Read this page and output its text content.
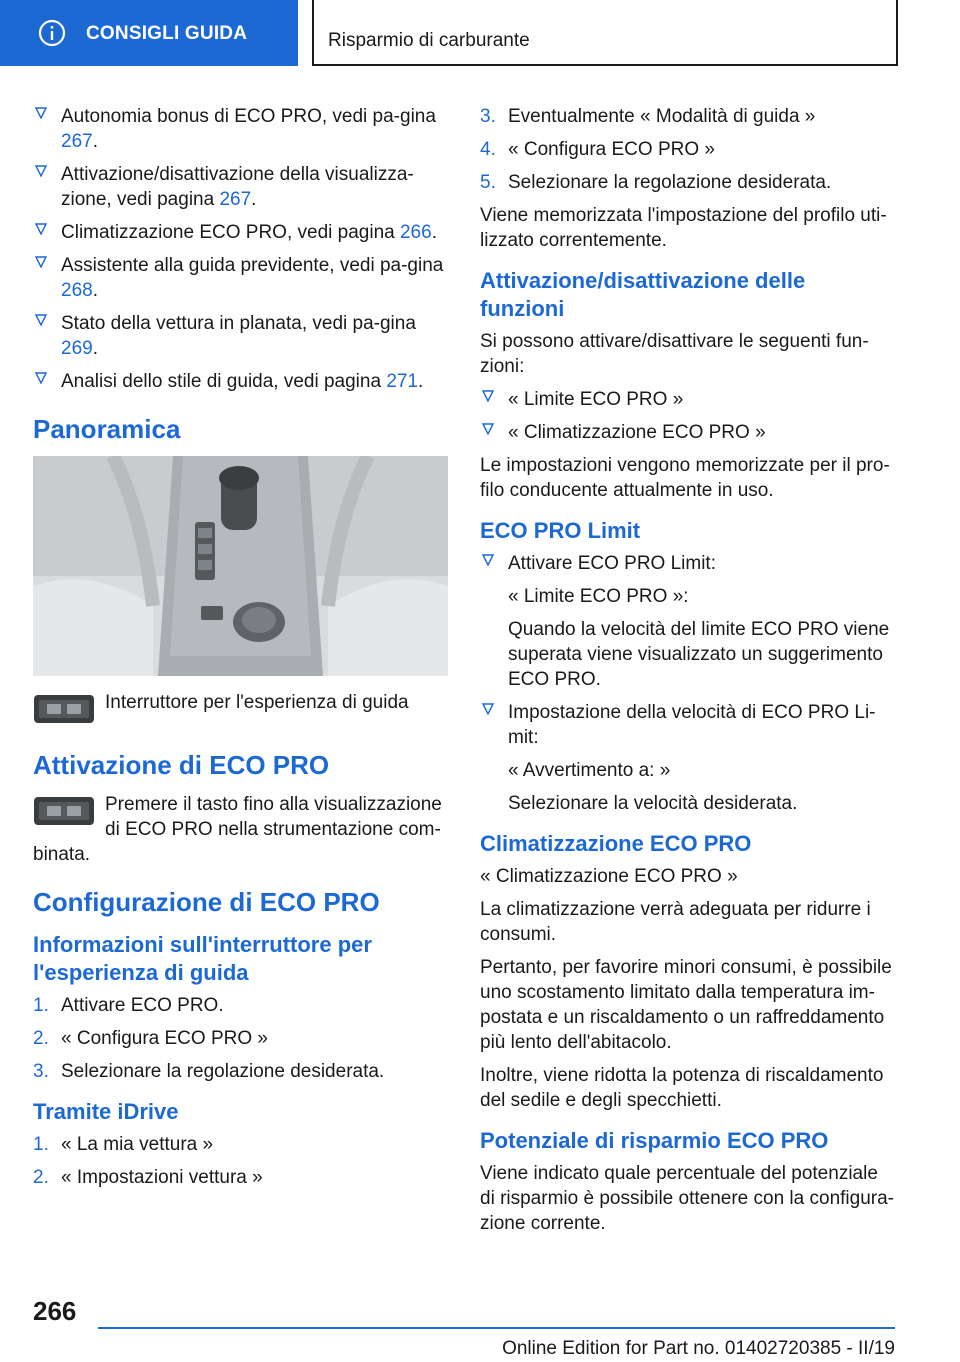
CONSIGLI GUIDA	Risparmio di carburante
Autonomia bonus di ECO PRO, vedi pa-gina 267.
Attivazione/disattivazione della visualizza-zione, vedi pagina 267.
Climatizzazione ECO PRO, vedi pagina 266.
Assistente alla guida previdente, vedi pa-gina 268.
Stato della vettura in planata, vedi pa-gina 269.
Analisi dello stile di guida, vedi pagina 271.
Panoramica
Interruttore per l'esperienza di guida
Attivazione di ECO PRO
Premere il tasto fino alla visualizzazione di ECO PRO nella strumentazione com-binata.
Configurazione di ECO PRO
Informazioni sull'interruttore per l'esperienza di guida
1. Attivare ECO PRO.
2. « Configura ECO PRO »
3. Selezionare la regolazione desiderata.
Tramite iDrive
1. « La mia vettura »
2. « Impostazioni vettura »
3. Eventualmente « Modalità di guida »
4. « Configura ECO PRO »
5. Selezionare la regolazione desiderata.

Viene memorizzata l'impostazione del profilo uti-lizzato correntemente.

Attivazione/disattivazione delle funzioni

Si possono attivare/disattivare le seguenti fun-zioni:

« Limite ECO PRO »
« Climatizzazione ECO PRO »

Le impostazioni vengono memorizzate per il pro-filo conducente attualmente in uso.

ECO PRO Limit
Attivare ECO PRO Limit:
« Limite ECO PRO »:
Quando la velocità del limite ECO PRO viene superata viene visualizzato un suggerimento ECO PRO.
Impostazione della velocità di ECO PRO Li-mit:
« Avvertimento a: »
Selezionare la velocità desiderata.
Climatizzazione ECO PRO

« Climatizzazione ECO PRO »

La climatizzazione verrà adeguata per ridurre i consumi.

Pertanto, per favorire minori consumi, è possibile uno scostamento limitato dalla temperatura im-postata e un riscaldamento o un raffreddamento più lento dell'abitacolo.

Inoltre, viene ridotta la potenza di riscaldamento del sedile e degli specchietti.

Potenziale di risparmio ECO PRO

Viene indicato quale percentuale del potenziale di risparmio è possibile ottenere con la configura-zione corrente.

266
Online Edition for Part no. 01402720385 - II/19
